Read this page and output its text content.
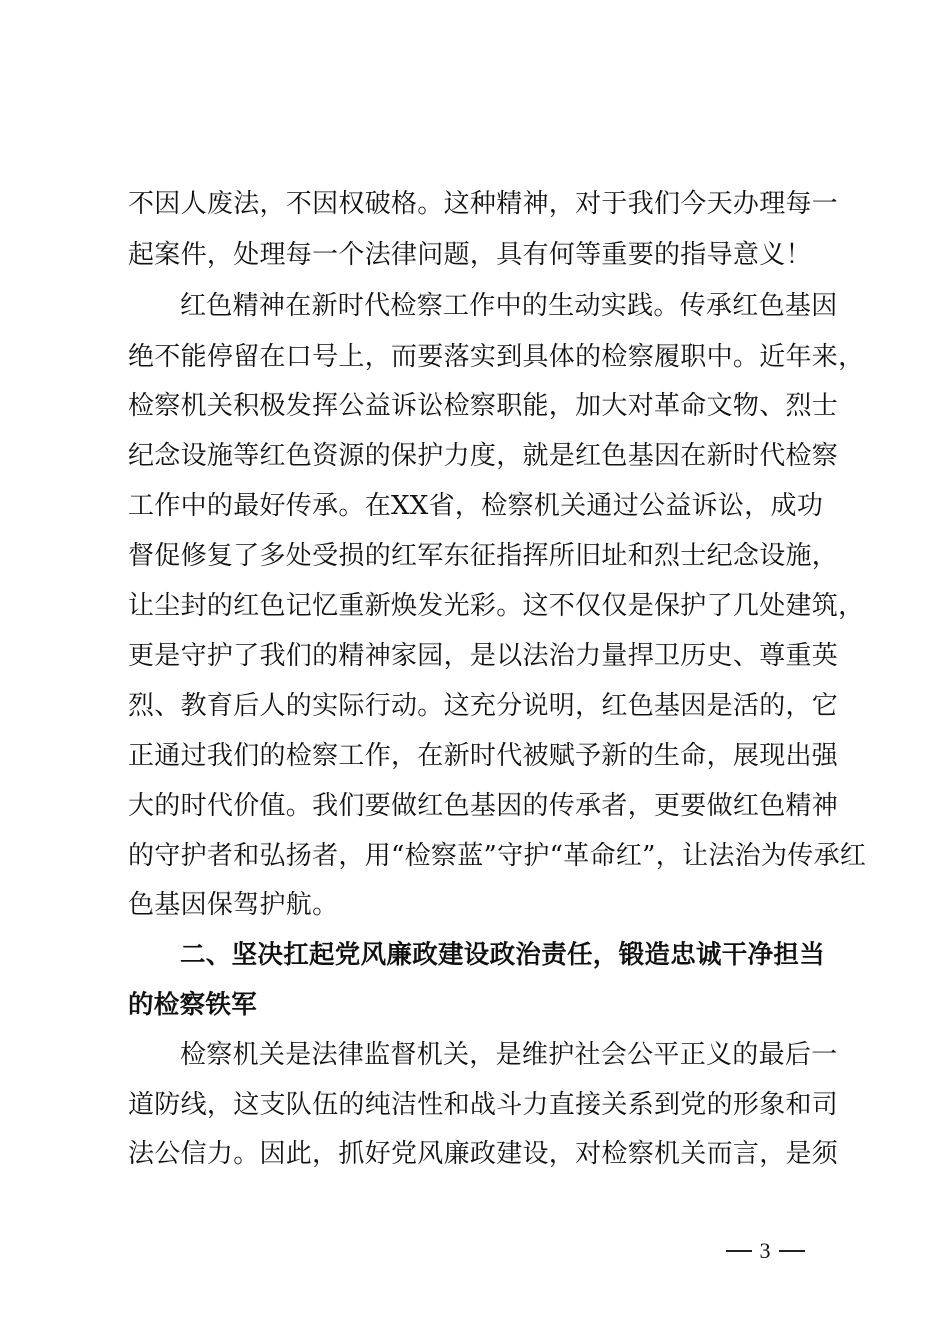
不因人废法，不因权破格。这种精神，对于我们今天办理每一
起案件，处理每一个法律问题，具有何等重要的指导意义！
红色精神在新时代检察工作中的生动实践。传承红色基因
绝不能停留在口号上，而要落实到具体的检察履职中。近年来，
检察机关积极发挥公益诉讼检察职能，加大对革命文物、烈士
纪念设施等红色资源的保护力度，就是红色基因在新时代检察
工作中的最好传承。在XX省，检察机关通过公益诉讼，成功
督促修复了多处受损的红军东征指挥所旧址和烈士纪念设施，
让尘封的红色记忆重新焕发光彩。这不仅仅是保护了几处建筑，
更是守护了我们的精神家园，是以法治力量捍卫历史、尊重英
烈、教育后人的实际行动。这充分说明，红色基因是活的，它
正通过我们的检察工作，在新时代被赋予新的生命，展现出强
大的时代价值。我们要做红色基因的传承者，更要做红色精神
的守护者和弘扬者，用“检察蓝”守护“革命红”，让法治为传承红
色基因保驾护航。
二、坚决扛起党风廉政建设政治责任，锻造忠诚干净担当
的检察铁军
检察机关是法律监督机关，是维护社会公平正义的最后一
道防线，这支队伍的纯洁性和战斗力直接关系到党的形象和司
法公信力。因此，抓好党风廉政建设，对检察机关而言，是须
3
